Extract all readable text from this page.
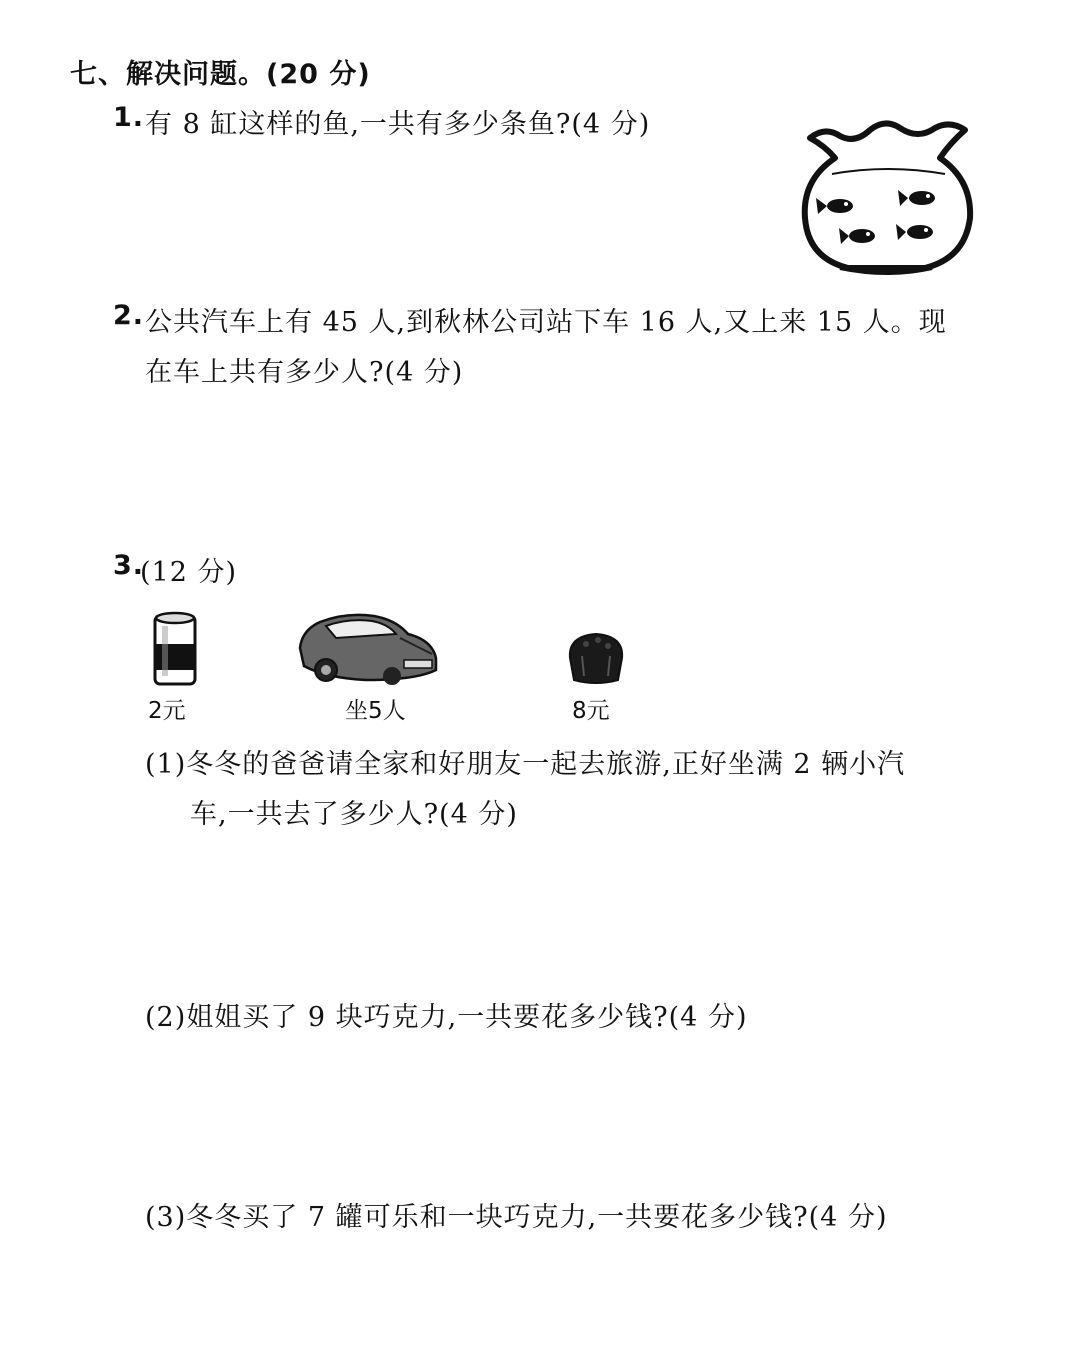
七、解决问题。(20 分)
1. 有 8 缸这样的鱼,一共有多少条鱼?(4 分)
2. 公共汽车上有 45 人,到秋林公司站下车 16 人,又上来 15 人。现
在车上共有多少人?(4 分)
3.
(12 分)
2元	坐5人	8元
(1)冬冬的爸爸请全家和好朋友一起去旅游,正好坐满 2 辆小汽
车,一共去了多少人?(4 分)
(2)姐姐买了 9 块巧克力,一共要花多少钱?(4 分)
(3)冬冬买了 7 罐可乐和一块巧克力,一共要花多少钱?(4 分)
